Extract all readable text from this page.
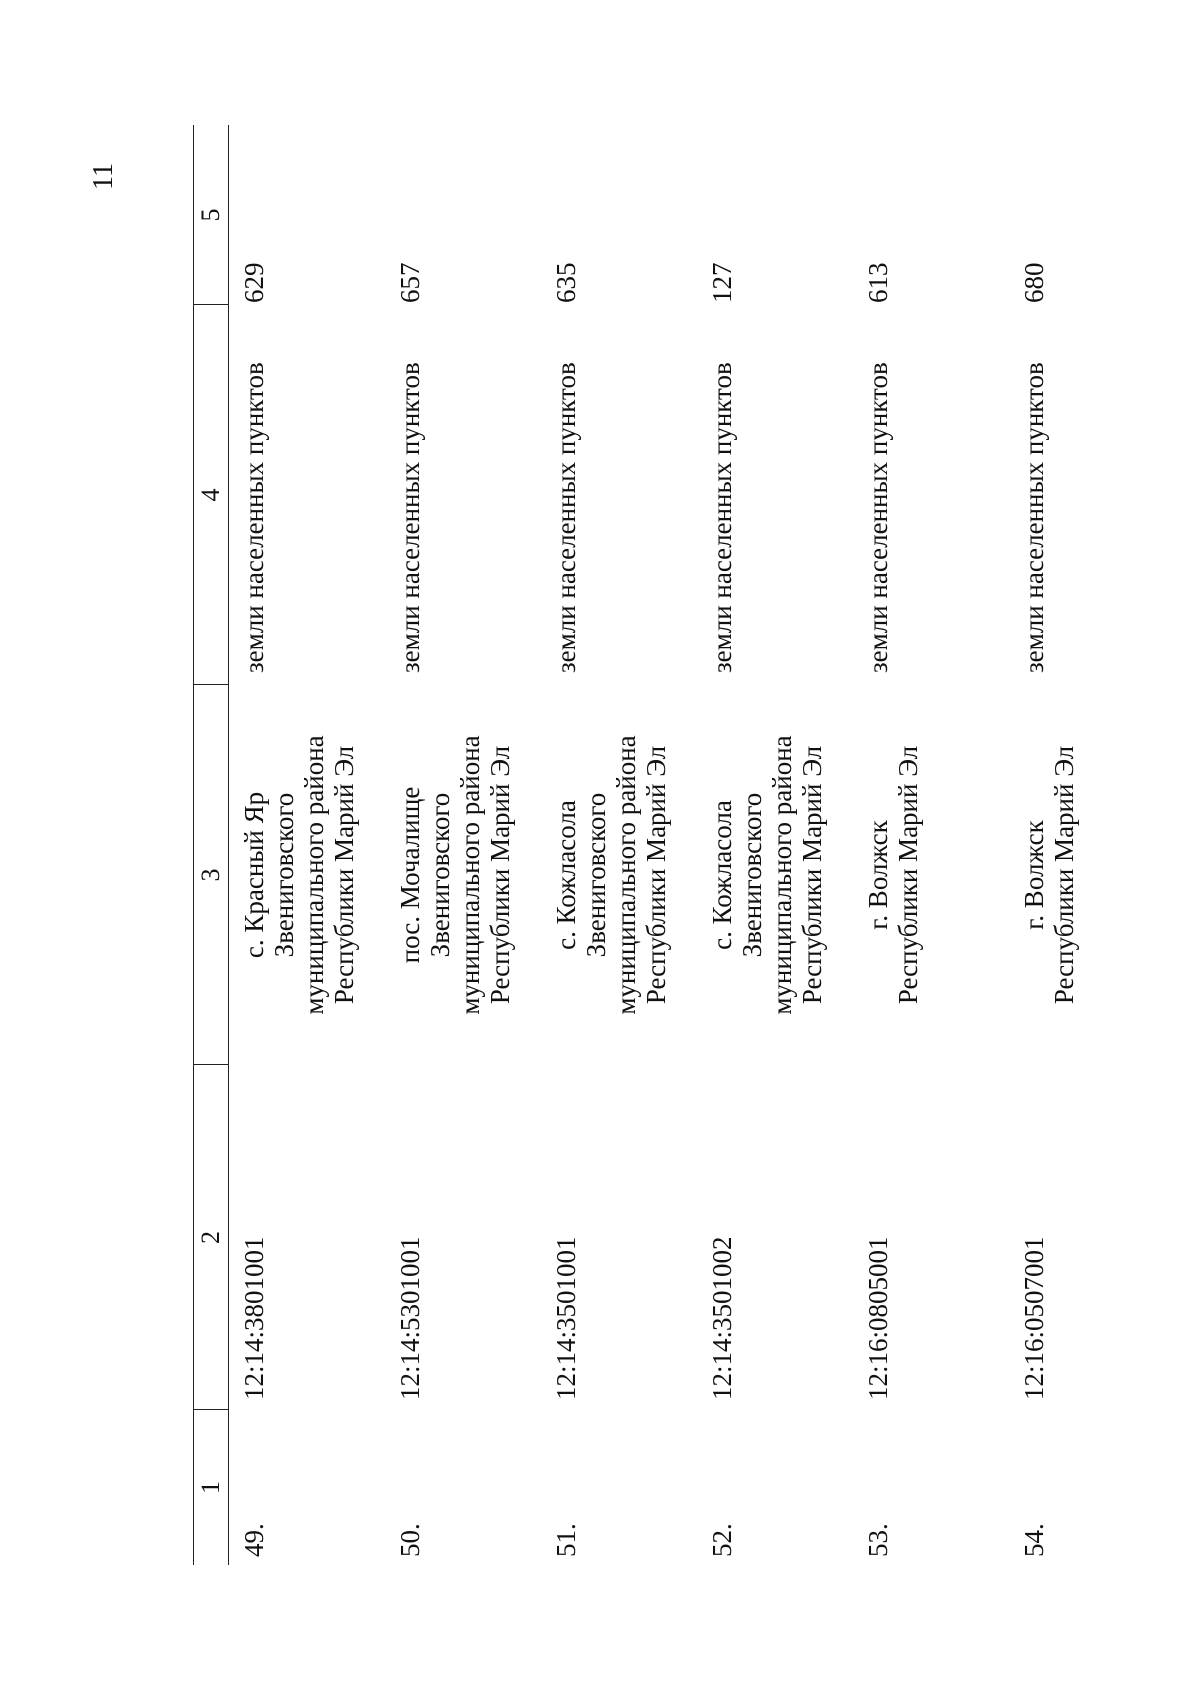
11
1
2
3
4
5
49.
12:14:3801001
с. Красный Яр Звениговского муниципального района Республики Марий Эл
земли населенных пунктов
629
50.
12:14:5301001
пос. Мочалище Звениговского муниципального района Республики Марий Эл
земли населенных пунктов
657
51.
12:14:3501001
с. Кожласола Звениговского муниципального района Республики Марий Эл
земли населенных пунктов
635
52.
12:14:3501002
с. Кожласола Звениговского муниципального района Республики Марий Эл
земли населенных пунктов
127
53.
12:16:0805001
г. Волжск Республики Марий Эл
земли населенных пунктов
613
54.
12:16:0507001
г. Волжск Республики Марий Эл
земли населенных пунктов
680
